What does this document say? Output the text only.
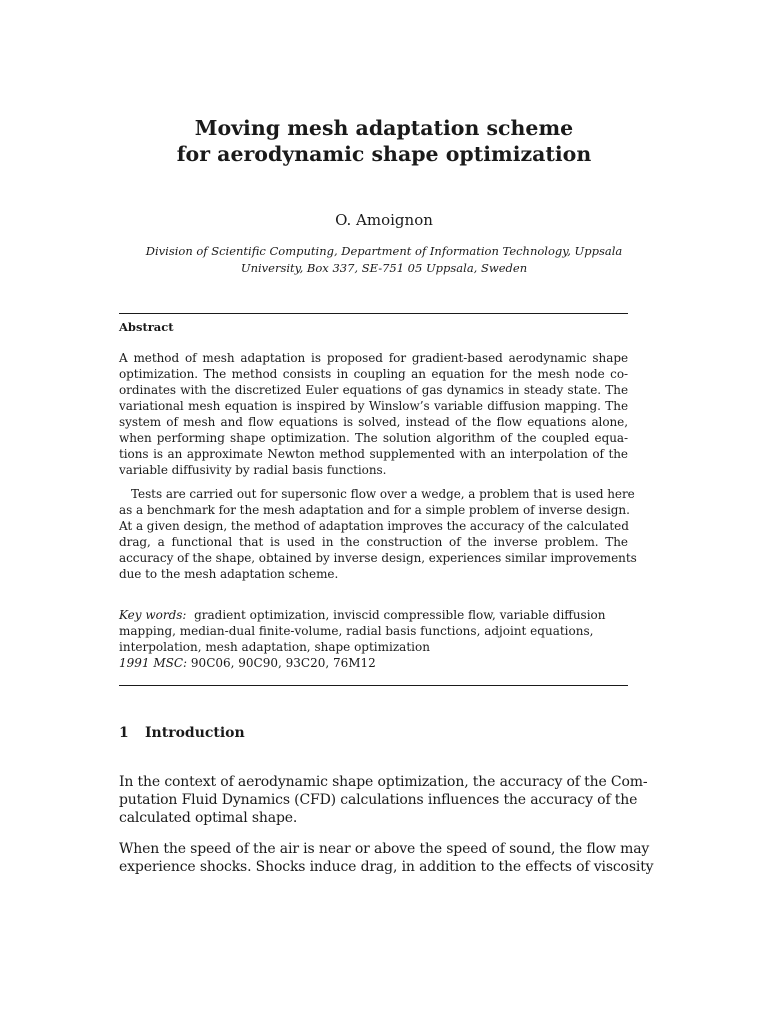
Moving mesh adaptation scheme
for aerodynamic shape optimization
O. Amoignon
Division of Scientific Computing, Department of Information Technology, Uppsala
University, Box 337, SE-751 05 Uppsala, Sweden
Abstract
A method of mesh adaptation is proposed for gradient-based aerodynamic shape
optimization. The method consists in coupling an equation for the mesh node co-
ordinates with the discretized Euler equations of gas dynamics in steady state. The
variational mesh equation is inspired by Winslow’s variable diffusion mapping. The
system of mesh and flow equations is solved, instead of the flow equations alone,
when performing shape optimization. The solution algorithm of the coupled equa-
tions is an approximate Newton method supplemented with an interpolation of the
variable diffusivity by radial basis functions.
Tests are carried out for supersonic flow over a wedge, a problem that is used here
as a benchmark for the mesh adaptation and for a simple problem of inverse design.
At a given design, the method of adaptation improves the accuracy of the calculated
drag, a functional that is used in the construction of the inverse problem. The
accuracy of the shape, obtained by inverse design, experiences similar improvements
due to the mesh adaptation scheme.
Key words: gradient optimization, inviscid compressible flow, variable diffusion
mapping, median-dual finite-volume, radial basis functions, adjoint equations,
interpolation, mesh adaptation, shape optimization
1991 MSC: 90C06, 90C90, 93C20, 76M12
1 Introduction
In the context of aerodynamic shape optimization, the accuracy of the Com-
putation Fluid Dynamics (CFD) calculations influences the accuracy of the
calculated optimal shape.
When the speed of the air is near or above the speed of sound, the flow may
experience shocks. Shocks induce drag, in addition to the effects of viscosity
